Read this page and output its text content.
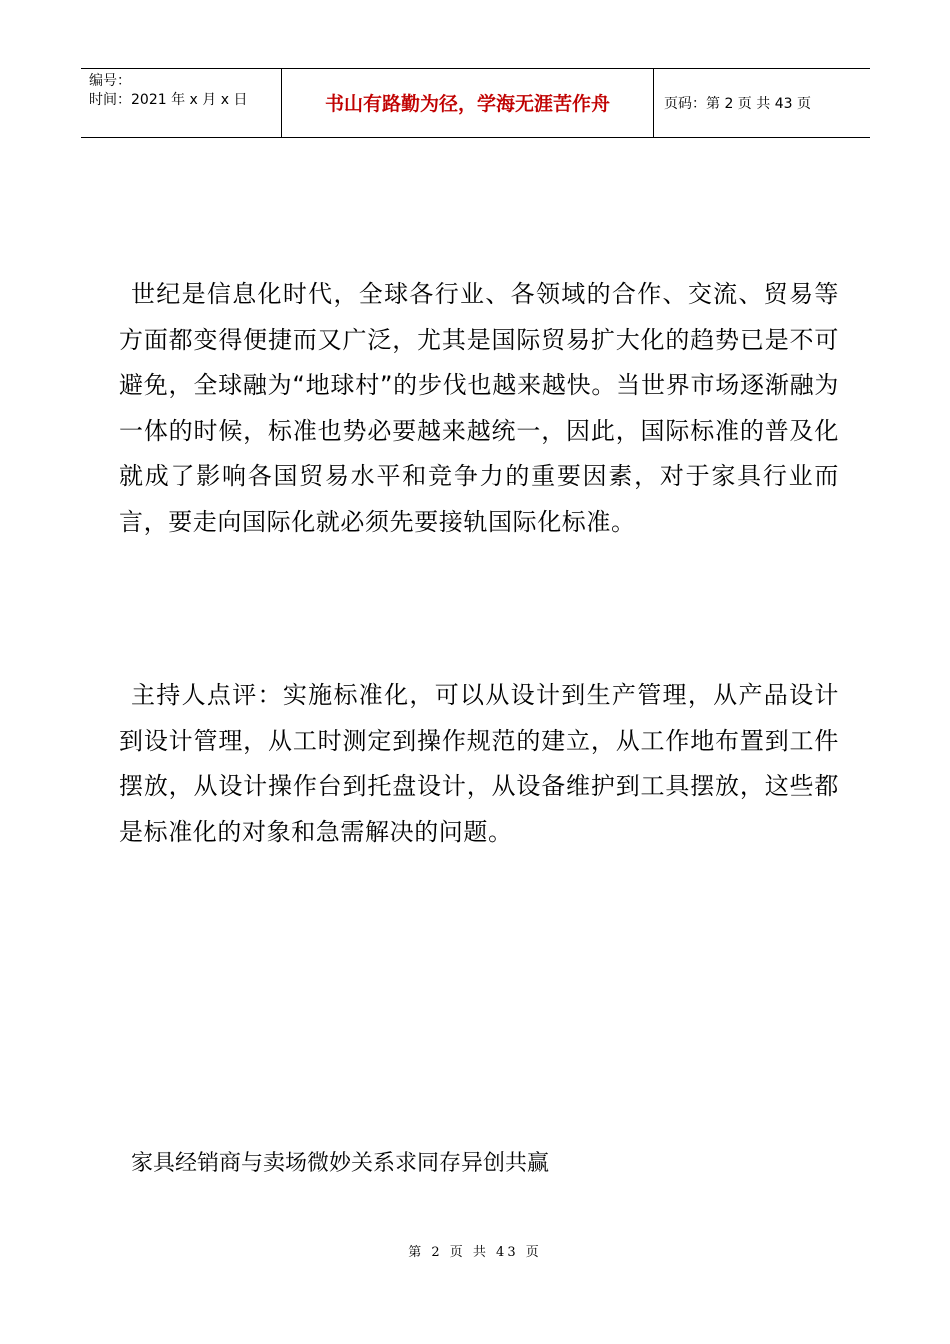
编号：
时间：2021 年 x 月 x 日	书山有路勤为径，学海无涯苦作舟	页码：第 2 页 共 43 页

世纪是信息化时代，全球各行业、各领域的合作、交流、贸易等方面都变得便捷而又广泛，尤其是国际贸易扩大化的趋势已是不可避免，全球融为“地球村”的步伐也越来越快。当世界市场逐渐融为一体的时候，标准也势必要越来越统一，因此，国际标准的普及化就成了影响各国贸易水平和竞争力的重要因素，对于家具行业而言，要走向国际化就必须先要接轨国际化标准。

主持人点评：实施标准化，可以从设计到生产管理，从产品设计到设计管理，从工时测定到操作规范的建立，从工作地布置到工件摆放，从设计操作台到托盘设计，从设备维护到工具摆放，这些都是标准化的对象和急需解决的问题。

家具经销商与卖场微妙关系求同存异创共赢
第 2 页 共 43 页
